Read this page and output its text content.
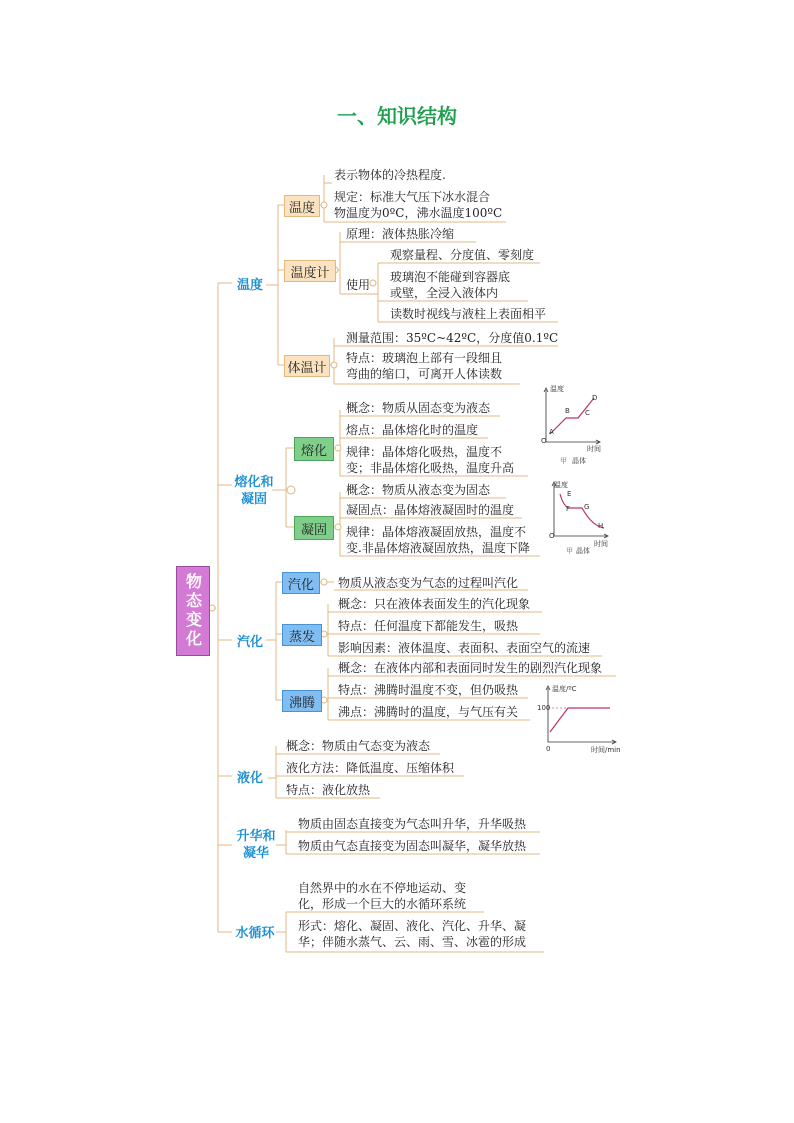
一、知识结构
物态变化
温度
熔化和
凝固
汽化
液化
升华和
凝华
水循环
温度
表示物体的冷热程度.
规定：标准大气压下冰水混合
物温度为0ºC，沸水温度100ºC
温度计
原理：液体热胀冷缩
使用
观察量程、分度值、零刻度
玻璃泡不能碰到容器底
或壁，全浸入液体内
读数时视线与液柱上表面相平
体温计
测量范围：35ºC~42ºC，分度值0.1ºC
特点：玻璃泡上部有一段细且
弯曲的缩口，可离开人体读数
熔化
概念：物质从固态变为液态
熔点：晶体熔化时的温度
规律：晶体熔化吸热，温度不
变；非晶体熔化吸热，温度升高
凝固
概念：物质从液态变为固态
凝固点：晶体熔液凝固时的温度
规律：晶体熔液凝固放热，温度不
变.非晶体熔液凝固放热，温度下降
温度
时间
O
A
B C
D
甲 晶体
温度
时间
O
E
F G
H
甲 晶体
汽化	物质从液态变为气态的过程叫汽化
蒸发
概念：只在液体表面发生的汽化现象
特点：任何温度下都能发生，吸热
影响因素：液体温度、表面积、表面空气的流速
沸腾
概念：在液体内部和表面同时发生的剧烈汽化现象
特点：沸腾时温度不变，但仍吸热
沸点：沸腾时的温度，与气压有关
温度/ºC
100
0	时间/min
概念：物质由气态变为液态
液化方法：降低温度、压缩体积
特点：液化放热
物质由固态直接变为气态叫升华，升华吸热
物质由气态直接变为固态叫凝华，凝华放热
自然界中的水在不停地运动、变
化，形成一个巨大的水循环系统
形式：熔化、凝固、液化、汽化、升华、凝
华；伴随水蒸气、云、雨、雪、冰雹的形成
